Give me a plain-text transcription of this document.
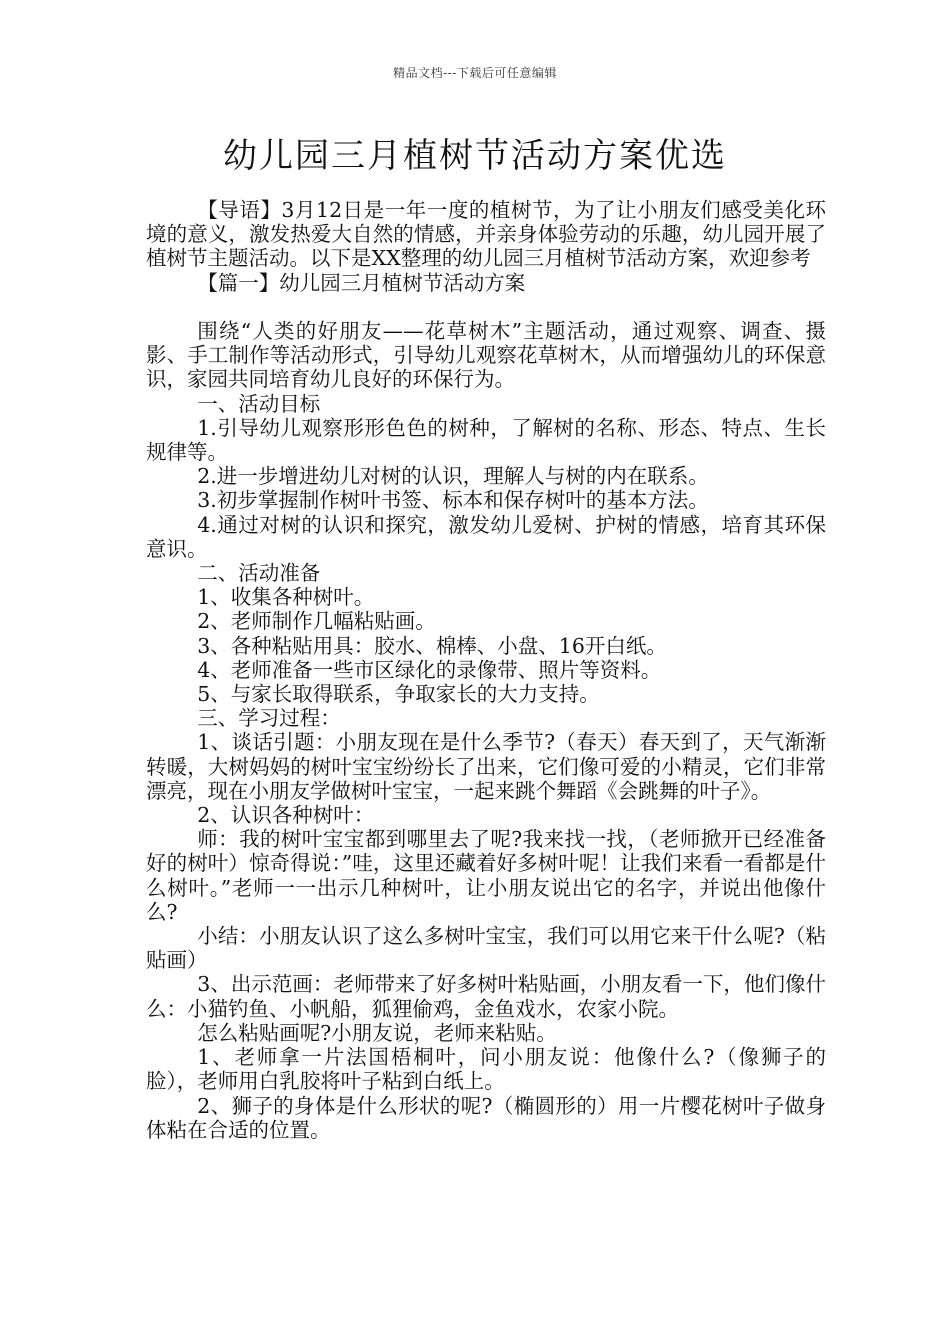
精品文档---下载后可任意编辑
幼儿园三月植树节活动方案优选

【导语】3月12日是一年一度的植树节，为了让小朋友们感受美化环境的意义，激发热爱大自然的情感，并亲身体验劳动的乐趣，幼儿园开展了植树节主题活动。以下是XX整理的幼儿园三月植树节活动方案，欢迎参考

【篇一】幼儿园三月植树节活动方案

围绕“人类的好朋友——花草树木”主题活动，通过观察、调查、摄影、手工制作等活动形式，引导幼儿观察花草树木，从而增强幼儿的环保意识，家园共同培育幼儿良好的环保行为。

一、活动目标

1.引导幼儿观察形形色色的树种，了解树的名称、形态、特点、生长规律等。

2.进一步增进幼儿对树的认识，理解人与树的内在联系。

3.初步掌握制作树叶书签、标本和保存树叶的基本方法。

4.通过对树的认识和探究，激发幼儿爱树、护树的情感，培育其环保意识。

二、活动准备

1、收集各种树叶。

2、老师制作几幅粘贴画。

3、各种粘贴用具：胶水、棉棒、小盘、16开白纸。

4、老师准备一些市区绿化的录像带、照片等资料。

5、与家长取得联系，争取家长的大力支持。

三、学习过程：

1、谈话引题：小朋友现在是什么季节?（春天）春天到了，天气渐渐转暖，大树妈妈的树叶宝宝纷纷长了出来，它们像可爱的小精灵，它们非常漂亮，现在小朋友学做树叶宝宝，一起来跳个舞蹈《会跳舞的叶子》。

2、认识各种树叶：

师：我的树叶宝宝都到哪里去了呢?我来找一找，（老师掀开已经准备好的树叶）惊奇得说：”哇，这里还藏着好多树叶呢！让我们来看一看都是什么树叶。”老师一一出示几种树叶，让小朋友说出它的名字，并说出他像什么?

小结：小朋友认识了这么多树叶宝宝，我们可以用它来干什么呢?（粘贴画）

3、出示范画：老师带来了好多树叶粘贴画，小朋友看一下，他们像什么：小猫钓鱼、小帆船，狐狸偷鸡，金鱼戏水，农家小院。

怎么粘贴画呢?小朋友说，老师来粘贴。

1、老师拿一片法国梧桐叶，问小朋友说：他像什么?（像狮子的脸），老师用白乳胶将叶子粘到白纸上。

2、狮子的身体是什么形状的呢?（椭圆形的）用一片樱花树叶子做身体粘在合适的位置。
